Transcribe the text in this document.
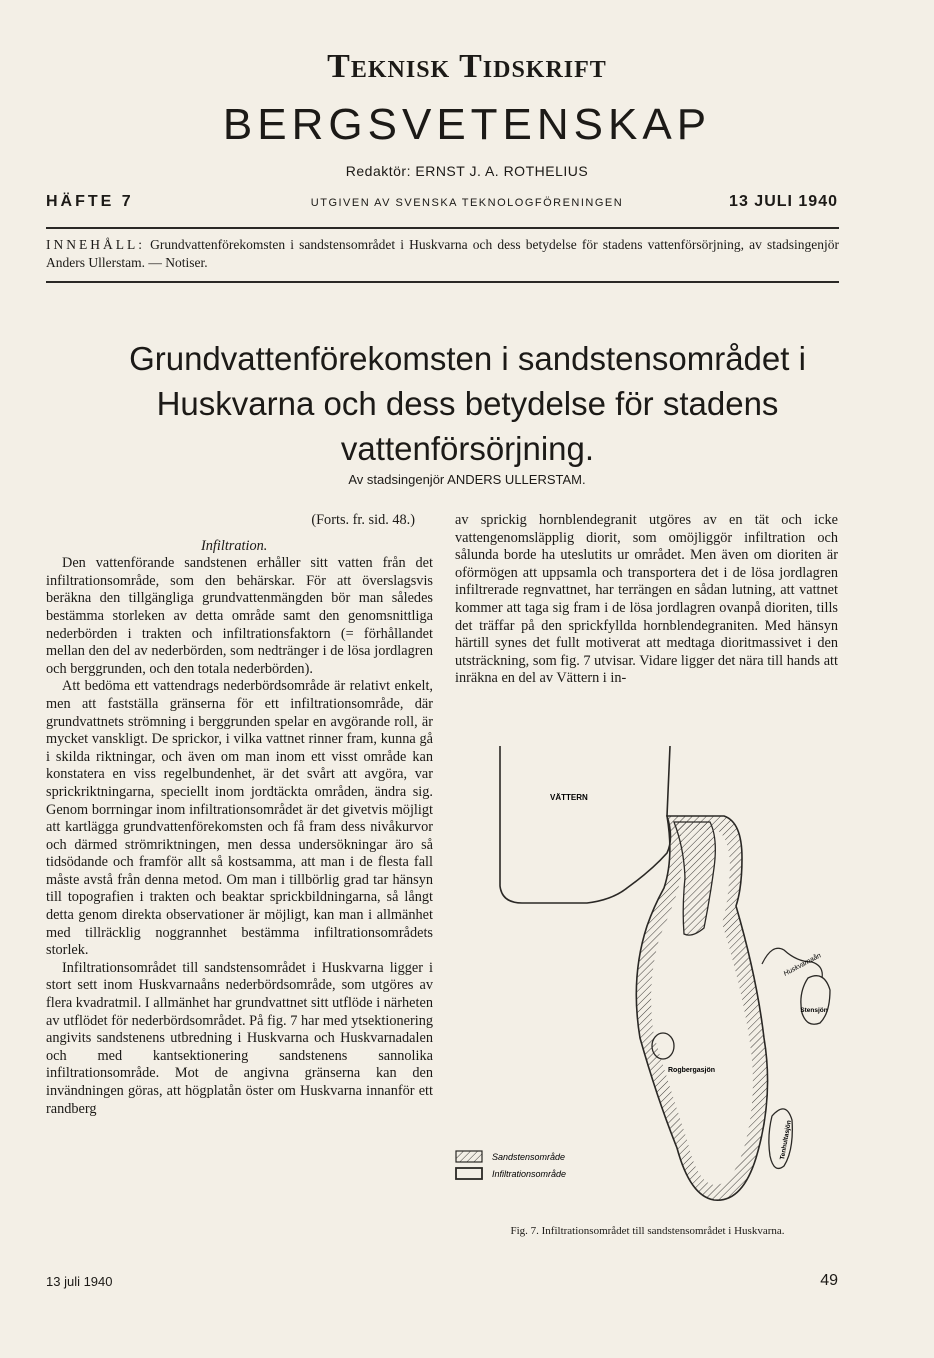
Teknisk Tidskrift
BERGSVETENSKAP
Redaktör: ERNST J. A. ROTHELIUS
HÄFTE 7	UTGIVEN AV SVENSKA TEKNOLOGFÖRENINGEN	13 JULI 1940
INNEHÅLL: Grundvattenförekomsten i sandstensområdet i Huskvarna och dess betydelse för stadens vattenförsörjning, av stadsingenjör Anders Ullerstam. — Notiser.
Grundvattenförekomsten i sandstensområdet i Huskvarna och dess betydelse för stadens vattenförsörjning.
Av stadsingenjör ANDERS ULLERSTAM.

(Forts. fr. sid. 48.)

Infiltration.

Den vattenförande sandstenen erhåller sitt vatten från det infiltrationsområde, som den behärskar. För att överslagsvis beräkna den tillgängliga grundvattenmängden bör man således bestämma storleken av detta område samt den genomsnittliga nederbörden i trakten och infiltrationsfaktorn (= förhållandet mellan den del av nederbörden, som nedtränger i de lösa jordlagren och berggrunden, och den totala nederbörden).

Att bedöma ett vattendrags nederbördsområde är relativt enkelt, men att fastställa gränserna för ett infiltrationsområde, där grundvattnets strömning i berggrunden spelar en avgörande roll, är mycket vanskligt. De sprickor, i vilka vattnet rinner fram, kunna gå i skilda riktningar, och även om man inom ett visst område kan konstatera en viss regelbundenhet, är det svårt att avgöra, var sprickriktningarna, speciellt inom jordtäckta områden, ändra sig. Genom borrningar inom infiltrationsområdet är det givetvis möjligt att kartlägga grundvattenförekomsten och få fram dess nivåkurvor och därmed strömriktningen, men dessa undersökningar äro så tidsödande och framför allt så kostsamma, att man i de flesta fall måste avstå från denna metod. Om man i tillbörlig grad tar hänsyn till topografien i trakten och beaktar sprickbildningarna, så långt detta genom direkta observationer är möjligt, kan man i allmänhet med tillräcklig noggrannhet bestämma infiltrationsområdets storlek.

Infiltrationsområdet till sandstensområdet i Huskvarna ligger i stort sett inom Huskvarnaåns nederbördsområde, som utgöres av flera kvadratmil. I allmänhet har grundvattnet sitt utflöde i närheten av utflödet för nederbördsområdet. På fig. 7 har med ytsektionering angivits sandstenens utbredning i Huskvarna och Huskvarnadalen och med kantsektionering sandstenens sannolika infiltrationsområde. Mot de angivna gränserna kan den invändningen göras, att högplatån öster om Huskvarna innanför ett randberg

av sprickig hornblendegranit utgöres av en tät och icke vattengenomsläpplig diorit, som omöjliggör infiltration och sålunda borde ha uteslutits ur området. Men även om dioriten är oförmögen att uppsamla och transportera det i de lösa jordlagren infiltrerade regnvattnet, har terrängen en sådan lutning, att vattnet kommer att taga sig fram i de lösa jordlagren ovanpå dioriten, tills det träffar på den sprickfyllda hornblendegraniten. Med hänsyn härtill synes det fullt motiverat att medtaga dioritmassivet i den utsträckning, som fig. 7 utvisar. Vidare ligger det nära till hands att inräkna en del av Vättern i in-

VÄTTERN
Huskvarnaån
Stensjön
Rogbergasjön
Tenhultasjön
Sandstensområde
Infiltrationsområde
Fig. 7. Infiltrationsområdet till sandstensområdet i Huskvarna.
13 juli 1940	49
